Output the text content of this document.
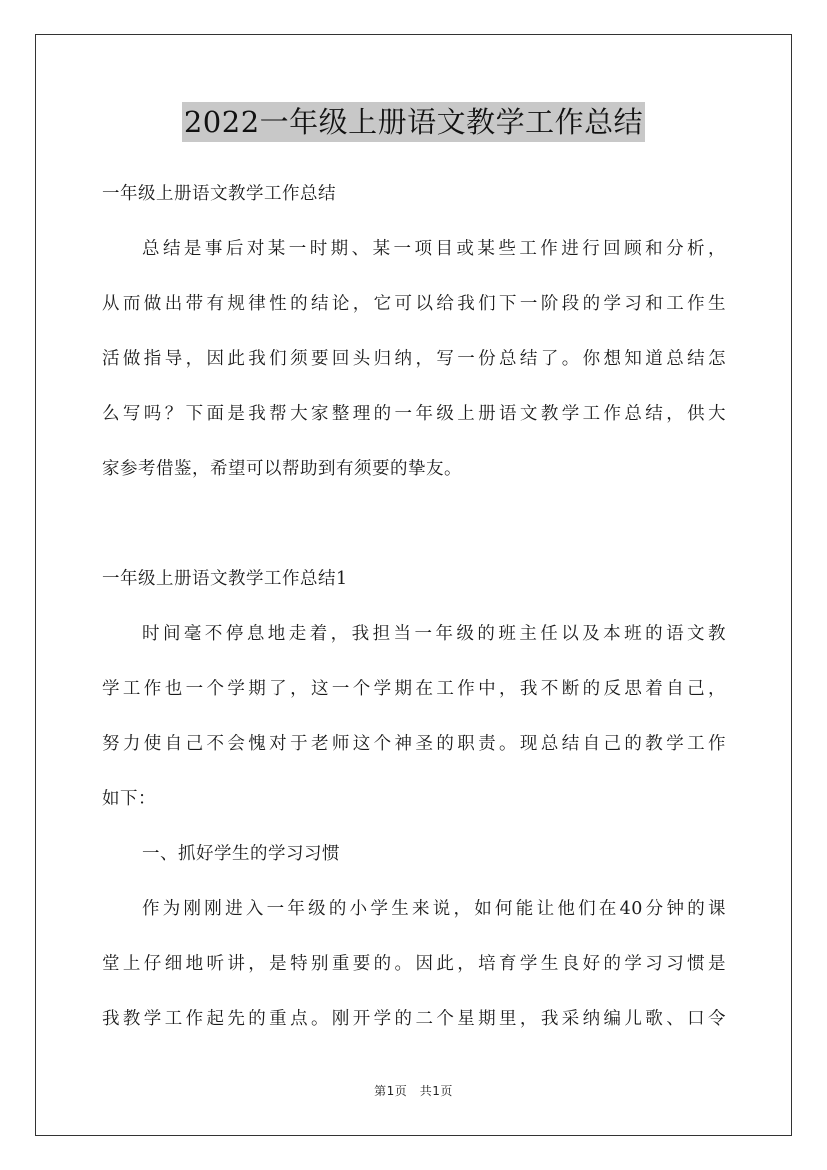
2022一年级上册语文教学工作总结
一年级上册语文教学工作总结
总结是事后对某一时期、某一项目或某些工作进行回顾和分析，
从而做出带有规律性的结论，它可以给我们下一阶段的学习和工作生
活做指导，因此我们须要回头归纳，写一份总结了。你想知道总结怎
么写吗？下面是我帮大家整理的一年级上册语文教学工作总结，供大
家参考借鉴，希望可以帮助到有须要的挚友。
一年级上册语文教学工作总结1
时间毫不停息地走着，我担当一年级的班主任以及本班的语文教
学工作也一个学期了，这一个学期在工作中，我不断的反思着自己，
努力使自己不会愧对于老师这个神圣的职责。现总结自己的教学工作
如下：
一、抓好学生的学习习惯
作为刚刚进入一年级的小学生来说，如何能让他们在40分钟的课
堂上仔细地听讲，是特别重要的。因此，培育学生良好的学习习惯是
我教学工作起先的重点。刚开学的二个星期里，我采纳编儿歌、口令
第1页　共1页
